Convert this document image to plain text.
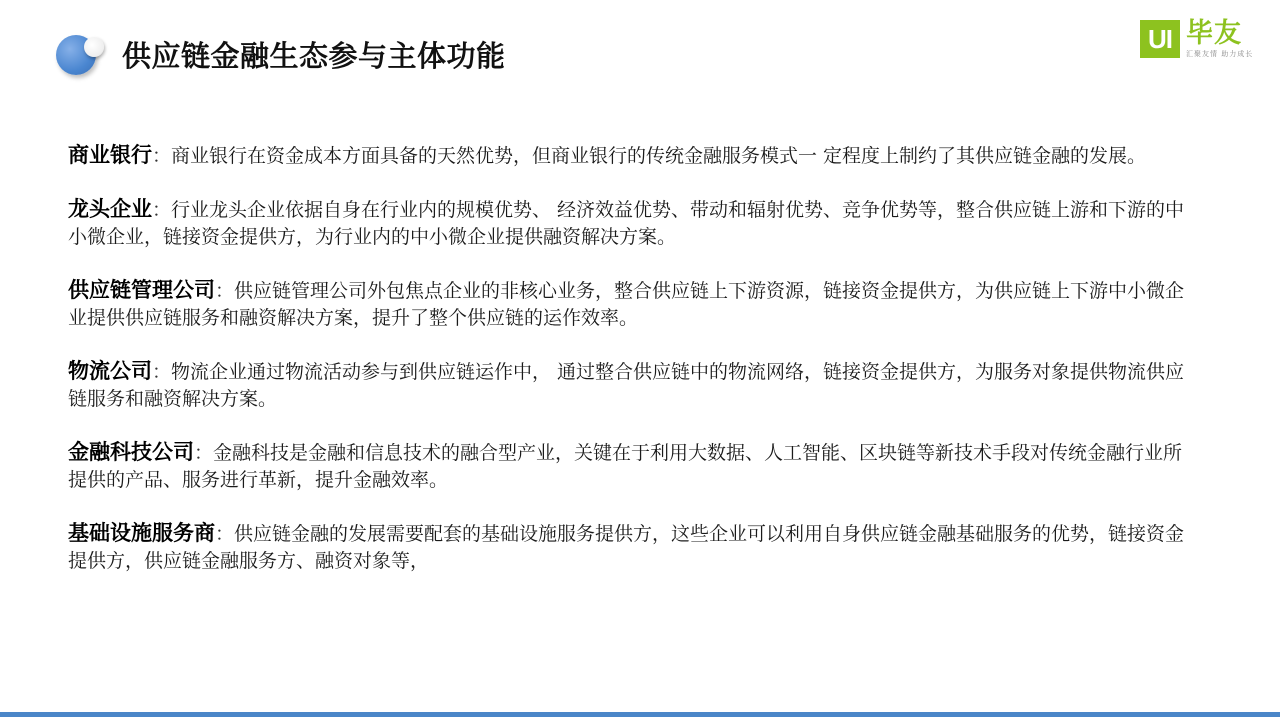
供应链金融生态参与主体功能	UI 毕友
汇聚友情 助力成长
商业银行：商业银行在资金成本方面具备的天然优势，但商业银行的传统金融服务模式一 定程度上制约了其供应链金融的发展。
龙头企业：行业龙头企业依据自身在行业内的规模优势、 经济效益优势、带动和辐射优势、竞争优势等，整合供应链上游和下游的中小微企业，链接资金提供方，为行业内的中小微企业提供融资解决方案。
供应链管理公司：供应链管理公司外包焦点企业的非核心业务，整合供应链上下游资源，链接资金提供方，为供应链上下游中小微企业提供供应链服务和融资解决方案，提升了整个供应链的运作效率。
物流公司：物流企业通过物流活动参与到供应链运作中， 通过整合供应链中的物流网络，链接资金提供方，为服务对象提供物流供应链服务和融资解决方案。
金融科技公司：金融科技是金融和信息技术的融合型产业，关键在于利用大数据、人工智能、区块链等新技术手段对传统金融行业所提供的产品、服务进行革新，提升金融效率。
基础设施服务商：供应链金融的发展需要配套的基础设施服务提供方，这些企业可以利用自身供应链金融基础服务的优势，链接资金提供方，供应链金融服务方、融资对象等，
